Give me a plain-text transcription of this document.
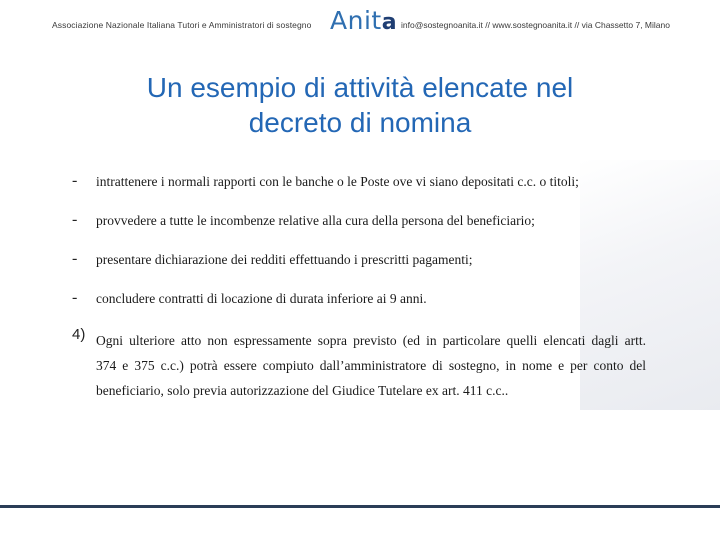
Associazione Nazionale Italiana Tutori e Amministratori di sostegno Anita info@sostegnoanita.it // www.sostegnoanita.it // via Chassetto 7, Milano
Un esempio di attività elencate nel
decreto di nomina
- intrattenere i normali rapporti con le banche o le Poste ove vi siano depositati c.c. o titoli;
- provvedere a tutte le incombenze relative alla cura della persona del beneficiario;
- presentare dichiarazione dei redditi effettuando i prescritti pagamenti;
- concludere contratti di locazione di durata inferiore ai 9 anni.
4) Ogni ulteriore atto non espressamente sopra previsto (ed in particolare quelli elencati dagli artt.
374 e 375 c.c.) potrà essere compiuto dall’amministratore di sostegno, in nome e per conto del
beneficiario, solo previa autorizzazione del Giudice Tutelare ex art. 411 c.c..
